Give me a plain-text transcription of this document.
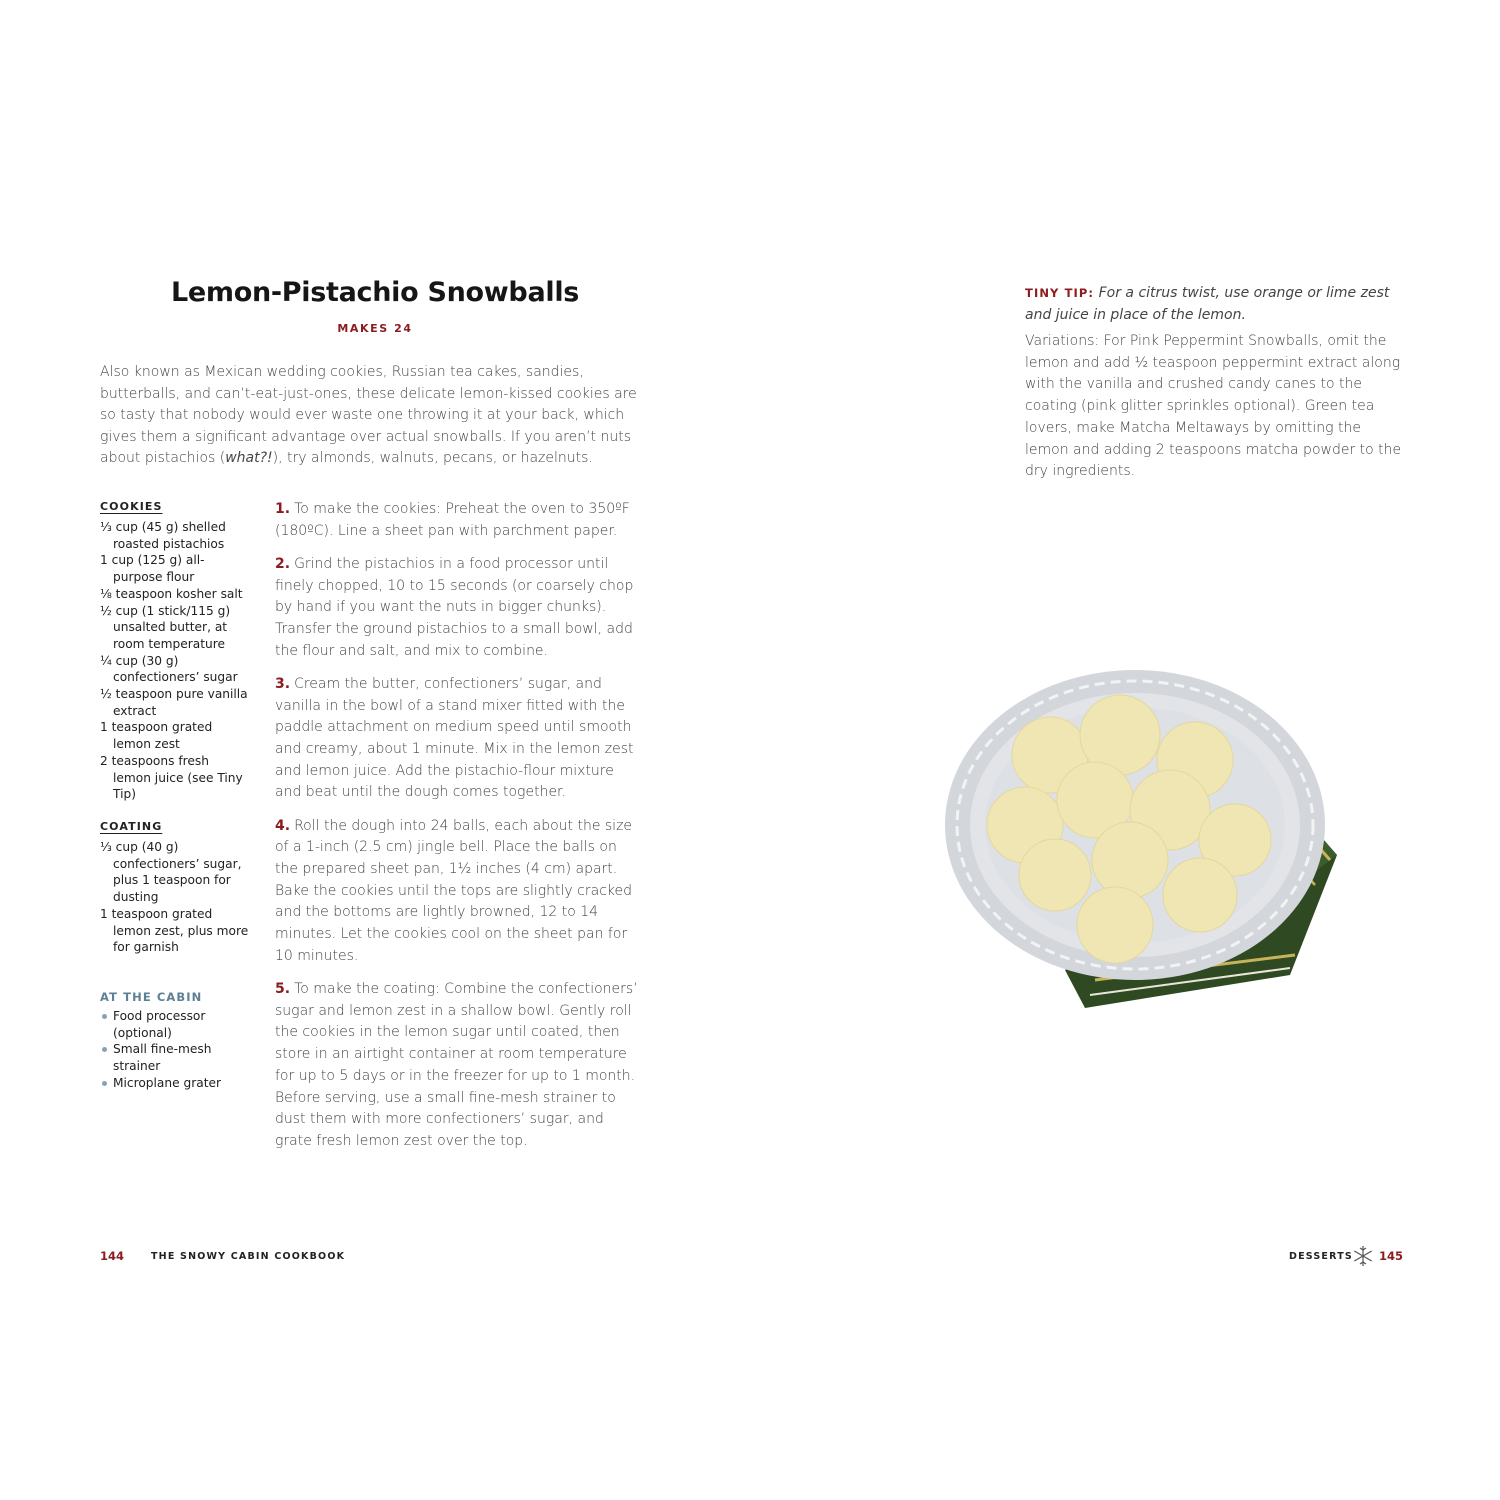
Lemon-Pistachio Snowballs
MAKES 24
Also known as Mexican wedding cookies, Russian tea cakes, sandies, butterballs, and can’t-eat-just-ones, these delicate lemon-kissed cookies are so tasty that nobody would ever waste one throwing it at your back, which gives them a significant advantage over actual snowballs. If you aren’t nuts about pistachios (what?!), try almonds, walnuts, pecans, or hazelnuts.
COOKIES
⅓ cup (45 g) shelled roasted pistachios
1 cup (125 g) all-purpose flour
⅛ teaspoon kosher salt
½ cup (1 stick/115 g) unsalted butter, at room temperature
¼ cup (30 g) confectioners’ sugar
½ teaspoon pure vanilla extract
1 teaspoon grated lemon zest
2 teaspoons fresh lemon juice (see Tiny Tip)
COATING
⅓ cup (40 g) confectioners’ sugar, plus 1 teaspoon for dusting
1 teaspoon grated lemon zest, plus more for garnish
AT THE CABIN
Food processor (optional)
Small fine-mesh strainer
Microplane grater
1. To make the cookies: Preheat the oven to 350ºF (180ºC). Line a sheet pan with parchment paper.
2. Grind the pistachios in a food processor until finely chopped, 10 to 15 seconds (or coarsely chop by hand if you want the nuts in bigger chunks). Transfer the ground pistachios to a small bowl, add the flour and salt, and mix to combine.
3. Cream the butter, confectioners’ sugar, and vanilla in the bowl of a stand mixer fitted with the paddle attachment on medium speed until smooth and creamy, about 1 minute. Mix in the lemon zest and lemon juice. Add the pistachio-flour mixture and beat until the dough comes together.
4. Roll the dough into 24 balls, each about the size of a 1-inch (2.5 cm) jingle bell. Place the balls on the prepared sheet pan, 1½ inches (4 cm) apart. Bake the cookies until the tops are slightly cracked and the bottoms are lightly browned, 12 to 14 minutes. Let the cookies cool on the sheet pan for 10 minutes.
5. To make the coating: Combine the confectioners’ sugar and lemon zest in a shallow bowl. Gently roll the cookies in the lemon sugar until coated, then store in an airtight container at room temperature for up to 5 days or in the freezer for up to 1 month. Before serving, use a small fine-mesh strainer to dust them with more confectioners’ sugar, and grate fresh lemon zest over the top.
144	THE SNOWY CABIN COOKBOOK
TINY TIP: For a citrus twist, use orange or lime zest and juice in place of the lemon.
Variations: For Pink Peppermint Snowballs, omit the lemon and add ½ teaspoon peppermint extract along with the vanilla and crushed candy canes to the coating (pink glitter sprinkles optional). Green tea lovers, make Matcha Meltaways by omitting the lemon and adding 2 teaspoons matcha powder to the dry ingredients.
DESSERTS 145
